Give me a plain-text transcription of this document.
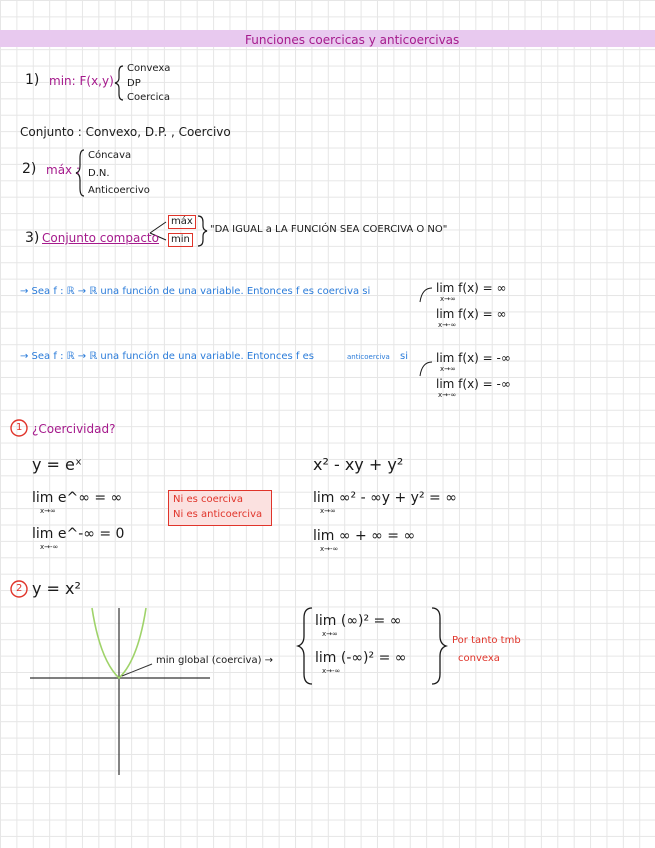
Funciones coercicas y anticoercivas
1) min: F(x,y)
Convexa
DP
Coercica
Conjunto : Convexo, D.P. , Coercivo
2) máx :
Cóncava
D.N.
Anticoercivo
3) Conjunto compacto
máx
min
"DA IGUAL a LA FUNCIÓN SEA COERCIVA O NO"
→ Sea f : ℝ → ℝ una función de una variable. Entonces f es coerciva si	lim f(x) = ∞
x→∞
lim f(x) = ∞
x→-∞
→ Sea f : ℝ → ℝ una función de una variable. Entonces f es	anticoerciva si lim f(x) = -∞
x→∞
lim f(x) = -∞
x→-∞
1 ¿Coercividad?
y = eˣ
lim e^∞ = ∞
x→∞
lim e^-∞ = 0
x→-∞
Ni es coerciva
Ni es anticoerciva
x² - xy + y²
lim ∞² - ∞y + y² = ∞
x→∞
lim ∞ + ∞ = ∞
x→-∞
2 y = x²
min global (coerciva) →
lim (∞)² = ∞
x→∞
lim (-∞)² = ∞
x→-∞
Por tanto tmb
convexa
